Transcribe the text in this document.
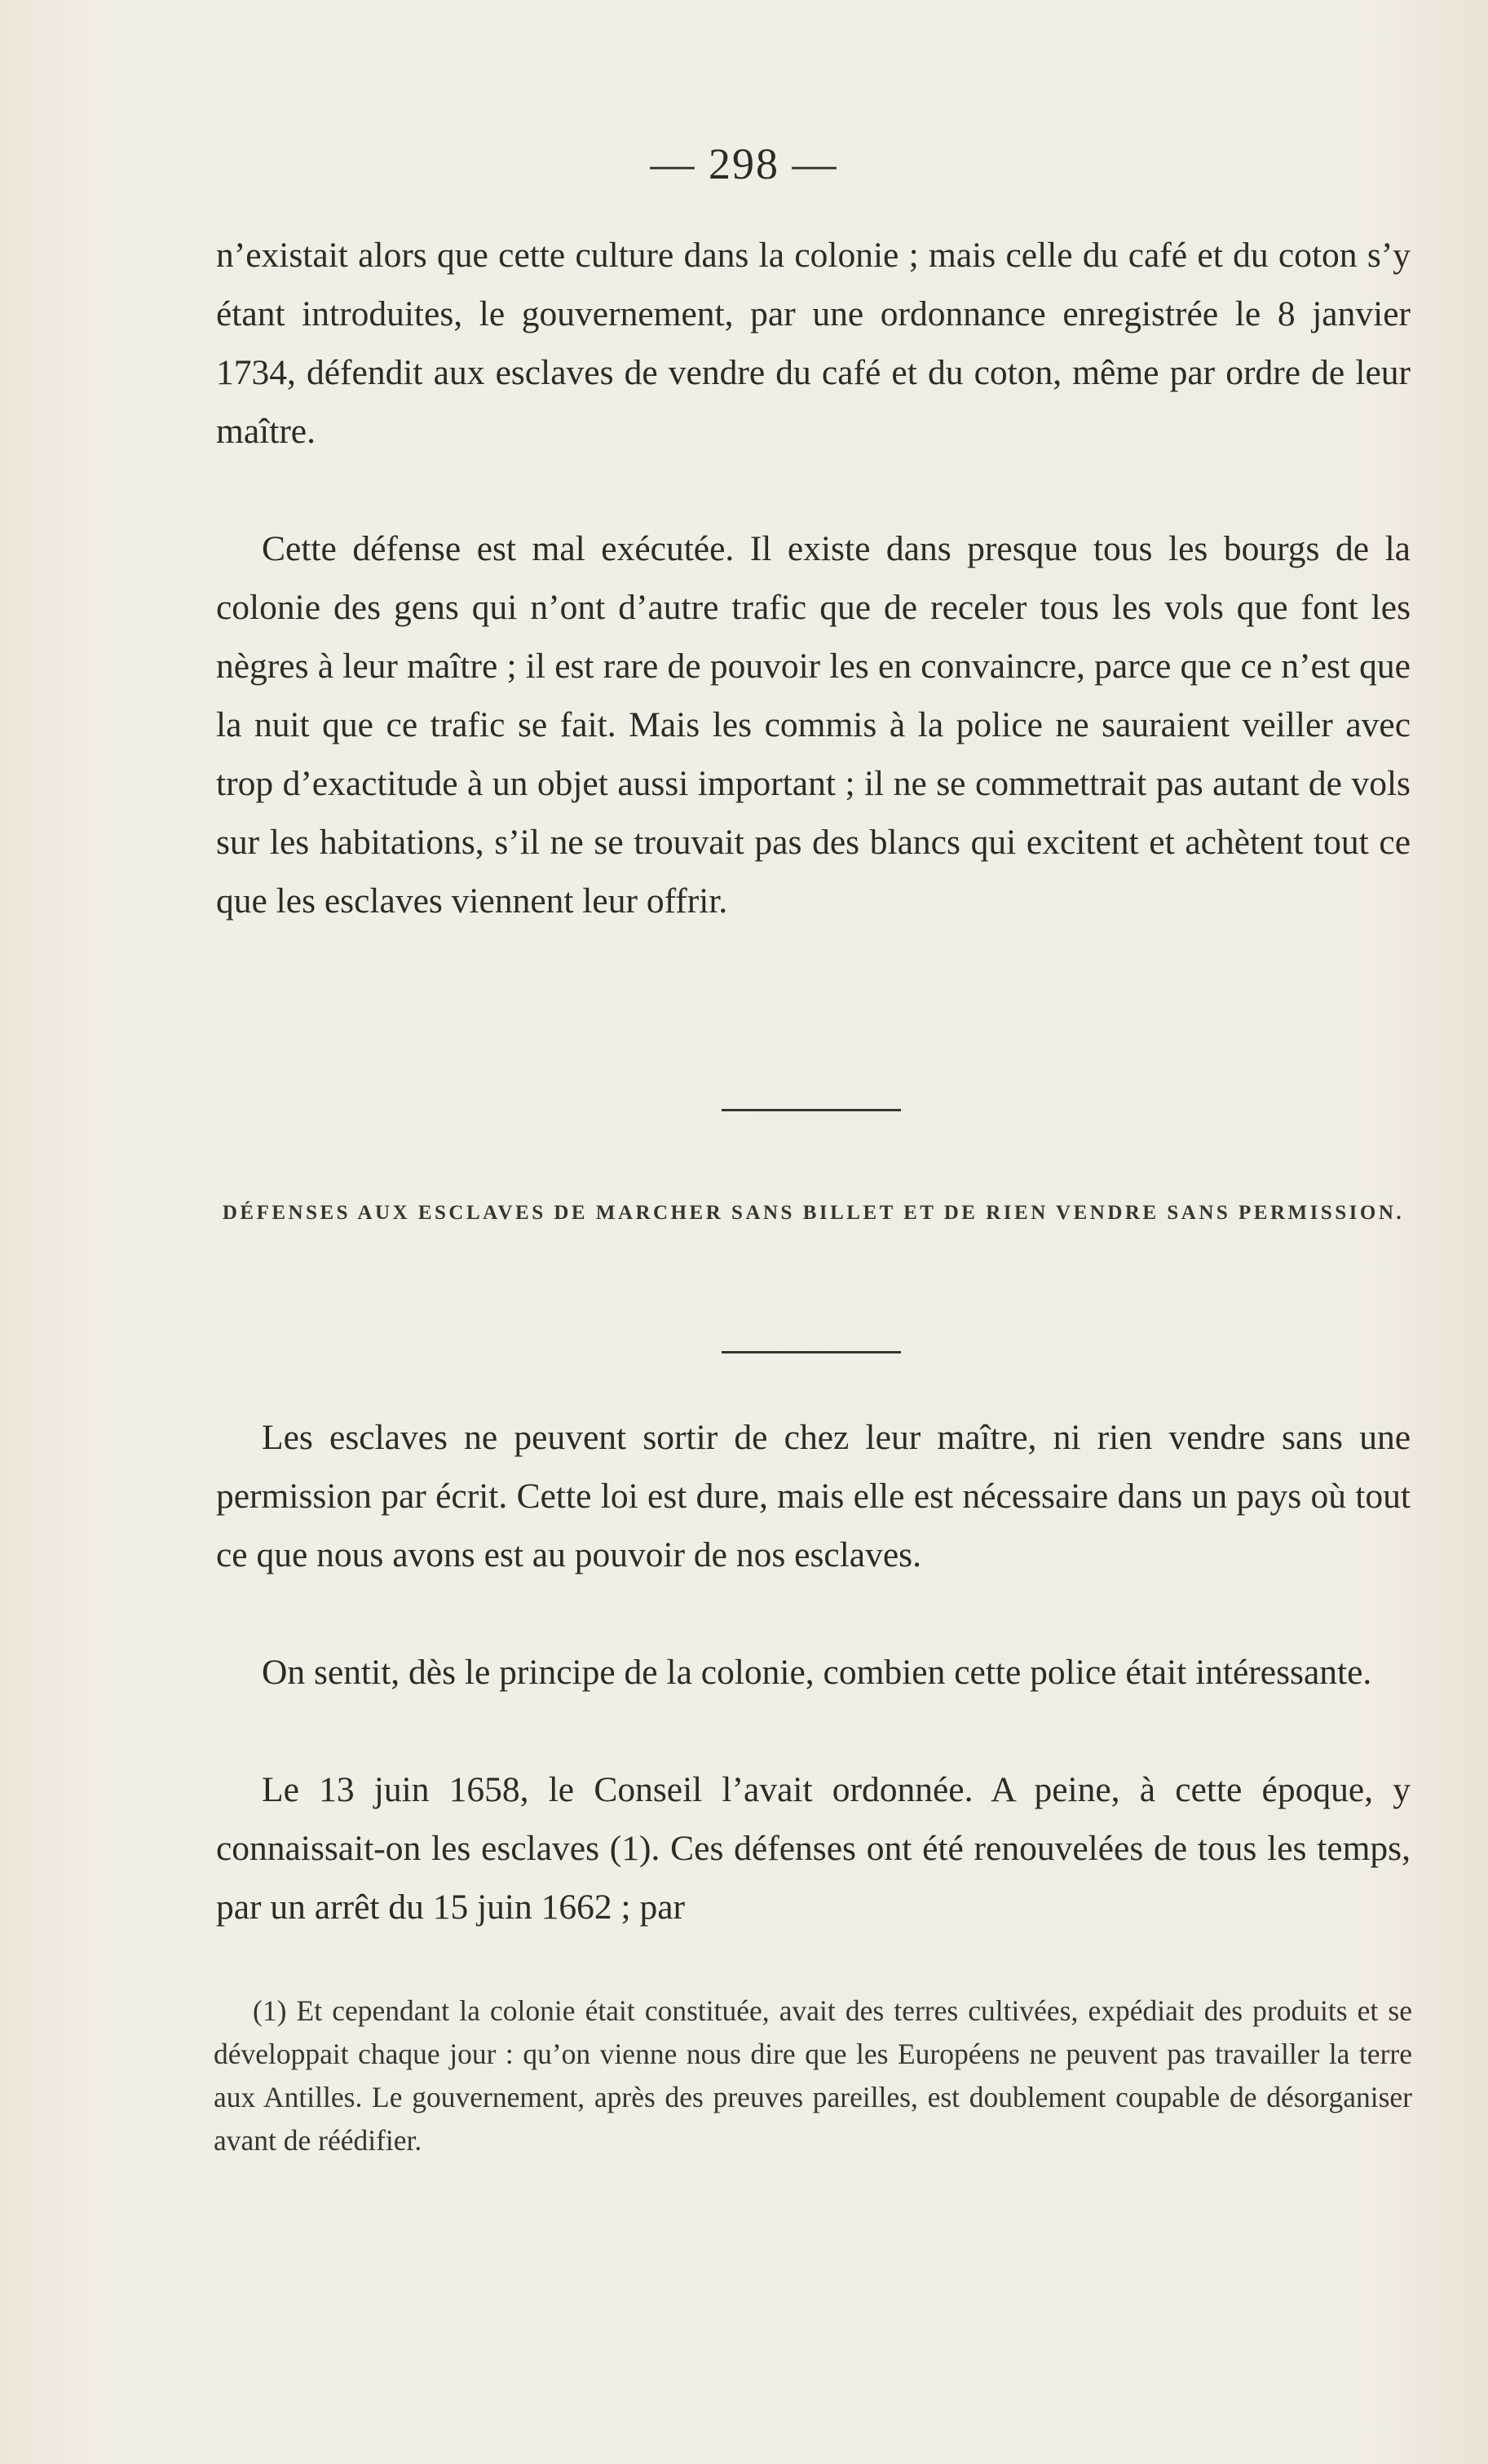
— 298 —

n’existait alors que cette culture dans la colonie ; mais celle du café et du coton s’y étant introduites, le gouvernement, par une ordonnance enregistrée le 8 janvier 1734, défendit aux esclaves de vendre du café et du coton, même par ordre de leur maître.

Cette défense est mal exécutée. Il existe dans presque tous les bourgs de la colonie des gens qui n’ont d’autre trafic que de receler tous les vols que font les nègres à leur maître ; il est rare de pouvoir les en convaincre, parce que ce n’est que la nuit que ce trafic se fait. Mais les commis à la police ne sauraient veiller avec trop d’exactitude à un objet aussi important ; il ne se commettrait pas autant de vols sur les habitations, s’il ne se trouvait pas des blancs qui excitent et achètent tout ce que les esclaves viennent leur offrir.

DÉFENSES AUX ESCLAVES DE MARCHER SANS BILLET ET DE RIEN VENDRE SANS PERMISSION.

Les esclaves ne peuvent sortir de chez leur maître, ni rien vendre sans une permission par écrit. Cette loi est dure, mais elle est nécessaire dans un pays où tout ce que nous avons est au pouvoir de nos esclaves.

On sentit, dès le principe de la colonie, combien cette police était intéressante.

Le 13 juin 1658, le Conseil l’avait ordonnée. A peine, à cette époque, y connaissait-on les esclaves (1). Ces défenses ont été renouvelées de tous les temps, par un arrêt du 15 juin 1662 ; par

(1) Et cependant la colonie était constituée, avait des terres cultivées, expédiait des produits et se développait chaque jour : qu’on vienne nous dire que les Européens ne peuvent pas travailler la terre aux Antilles. Le gouvernement, après des preuves pareilles, est doublement coupable de désorganiser avant de réédifier.
